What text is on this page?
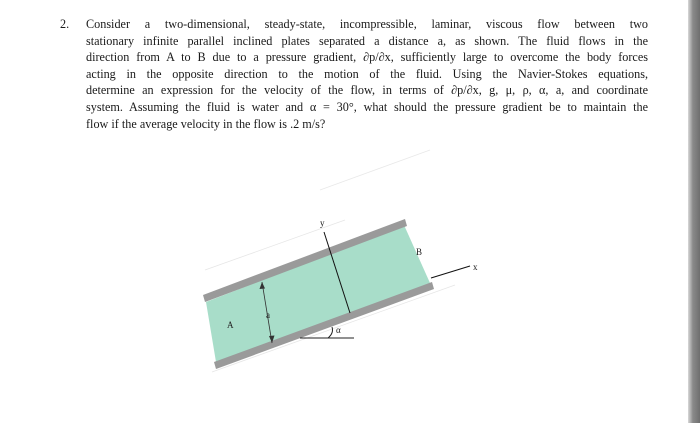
2. Consider a two-dimensional, steady-state, incompressible, laminar, viscous flow between two
stationary infinite parallel inclined plates separated a distance a, as shown. The fluid flows in the
direction from A to B due to a pressure gradient, ∂p/∂x, sufficiently large to overcome the body forces
acting in the opposite direction to the motion of the fluid. Using the Navier-Stokes equations,
determine an expression for the velocity of the flow, in terms of ∂p/∂x, g, μ, ρ, α, a, and coordinate
system. Assuming the fluid is water and α = 30°, what should the pressure gradient be to maintain the
flow if the average velocity in the flow is .2 m/s?
y
x
A
B
a
α
